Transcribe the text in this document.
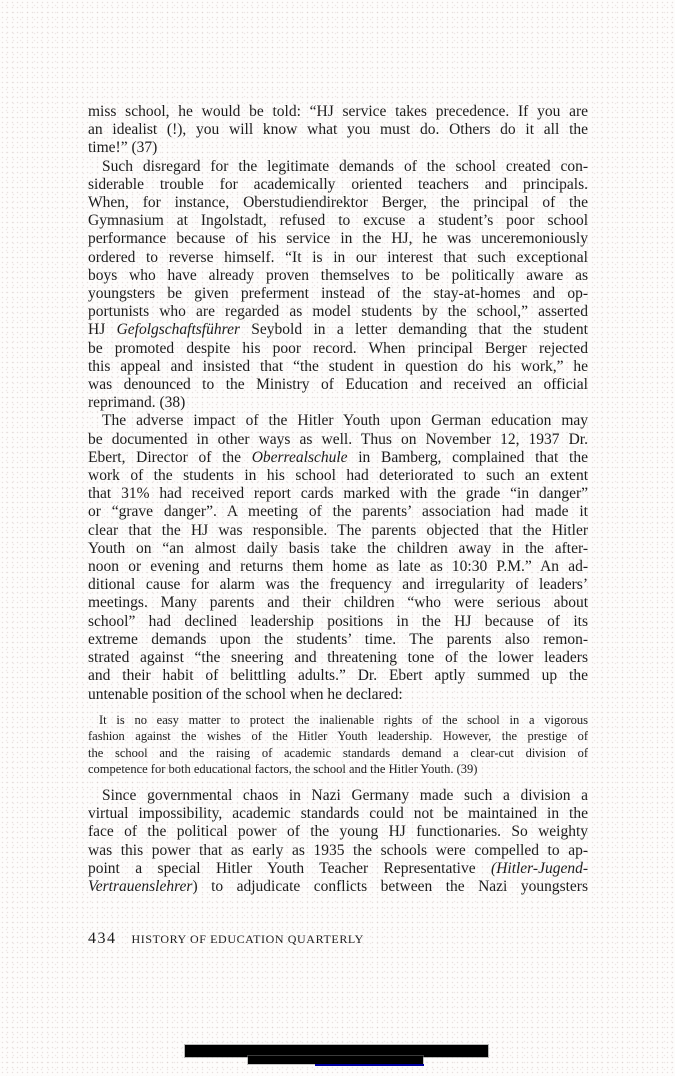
miss school, he would be told: “HJ service takes precedence. If you are
an idealist (!), you will know what you must do. Others do it all the
time!” (37)
Such disregard for the legitimate demands of the school created con-
siderable trouble for academically oriented teachers and principals.
When, for instance, Oberstudiendirektor Berger, the principal of the
Gymnasium at Ingolstadt, refused to excuse a student’s poor school
performance because of his service in the HJ, he was unceremoniously
ordered to reverse himself. “It is in our interest that such exceptional
boys who have already proven themselves to be politically aware as
youngsters be given preferment instead of the stay-at-homes and op-
portunists who are regarded as model students by the school,” asserted
HJ Gefolgschaftsführer Seybold in a letter demanding that the student
be promoted despite his poor record. When principal Berger rejected
this appeal and insisted that “the student in question do his work,” he
was denounced to the Ministry of Education and received an official
reprimand. (38)
The adverse impact of the Hitler Youth upon German education may
be documented in other ways as well. Thus on November 12, 1937 Dr.
Ebert, Director of the Oberrealschule in Bamberg, complained that the
work of the students in his school had deteriorated to such an extent
that 31% had received report cards marked with the grade “in danger”
or “grave danger”. A meeting of the parents’ association had made it
clear that the HJ was responsible. The parents objected that the Hitler
Youth on “an almost daily basis take the children away in the after-
noon or evening and returns them home as late as 10:30 P.M.” An ad-
ditional cause for alarm was the frequency and irregularity of leaders’
meetings. Many parents and their children “who were serious about
school” had declined leadership positions in the HJ because of its
extreme demands upon the students’ time. The parents also remon-
strated against “the sneering and threatening tone of the lower leaders
and their habit of belittling adults.” Dr. Ebert aptly summed up the
untenable position of the school when he declared:
It is no easy matter to protect the inalienable rights of the school in a vigorous
fashion against the wishes of the Hitler Youth leadership. However, the prestige of
the school and the raising of academic standards demand a clear-cut division of
competence for both educational factors, the school and the Hitler Youth. (39)
Since governmental chaos in Nazi Germany made such a division a
virtual impossibility, academic standards could not be maintained in the
face of the political power of the young HJ functionaries. So weighty
was this power that as early as 1935 the schools were compelled to ap-
point a special Hitler Youth Teacher Representative (Hitler-Jugend-
Vertrauenslehrer) to adjudicate conflicts between the Nazi youngsters
434 HISTORY OF EDUCATION QUARTERLY
